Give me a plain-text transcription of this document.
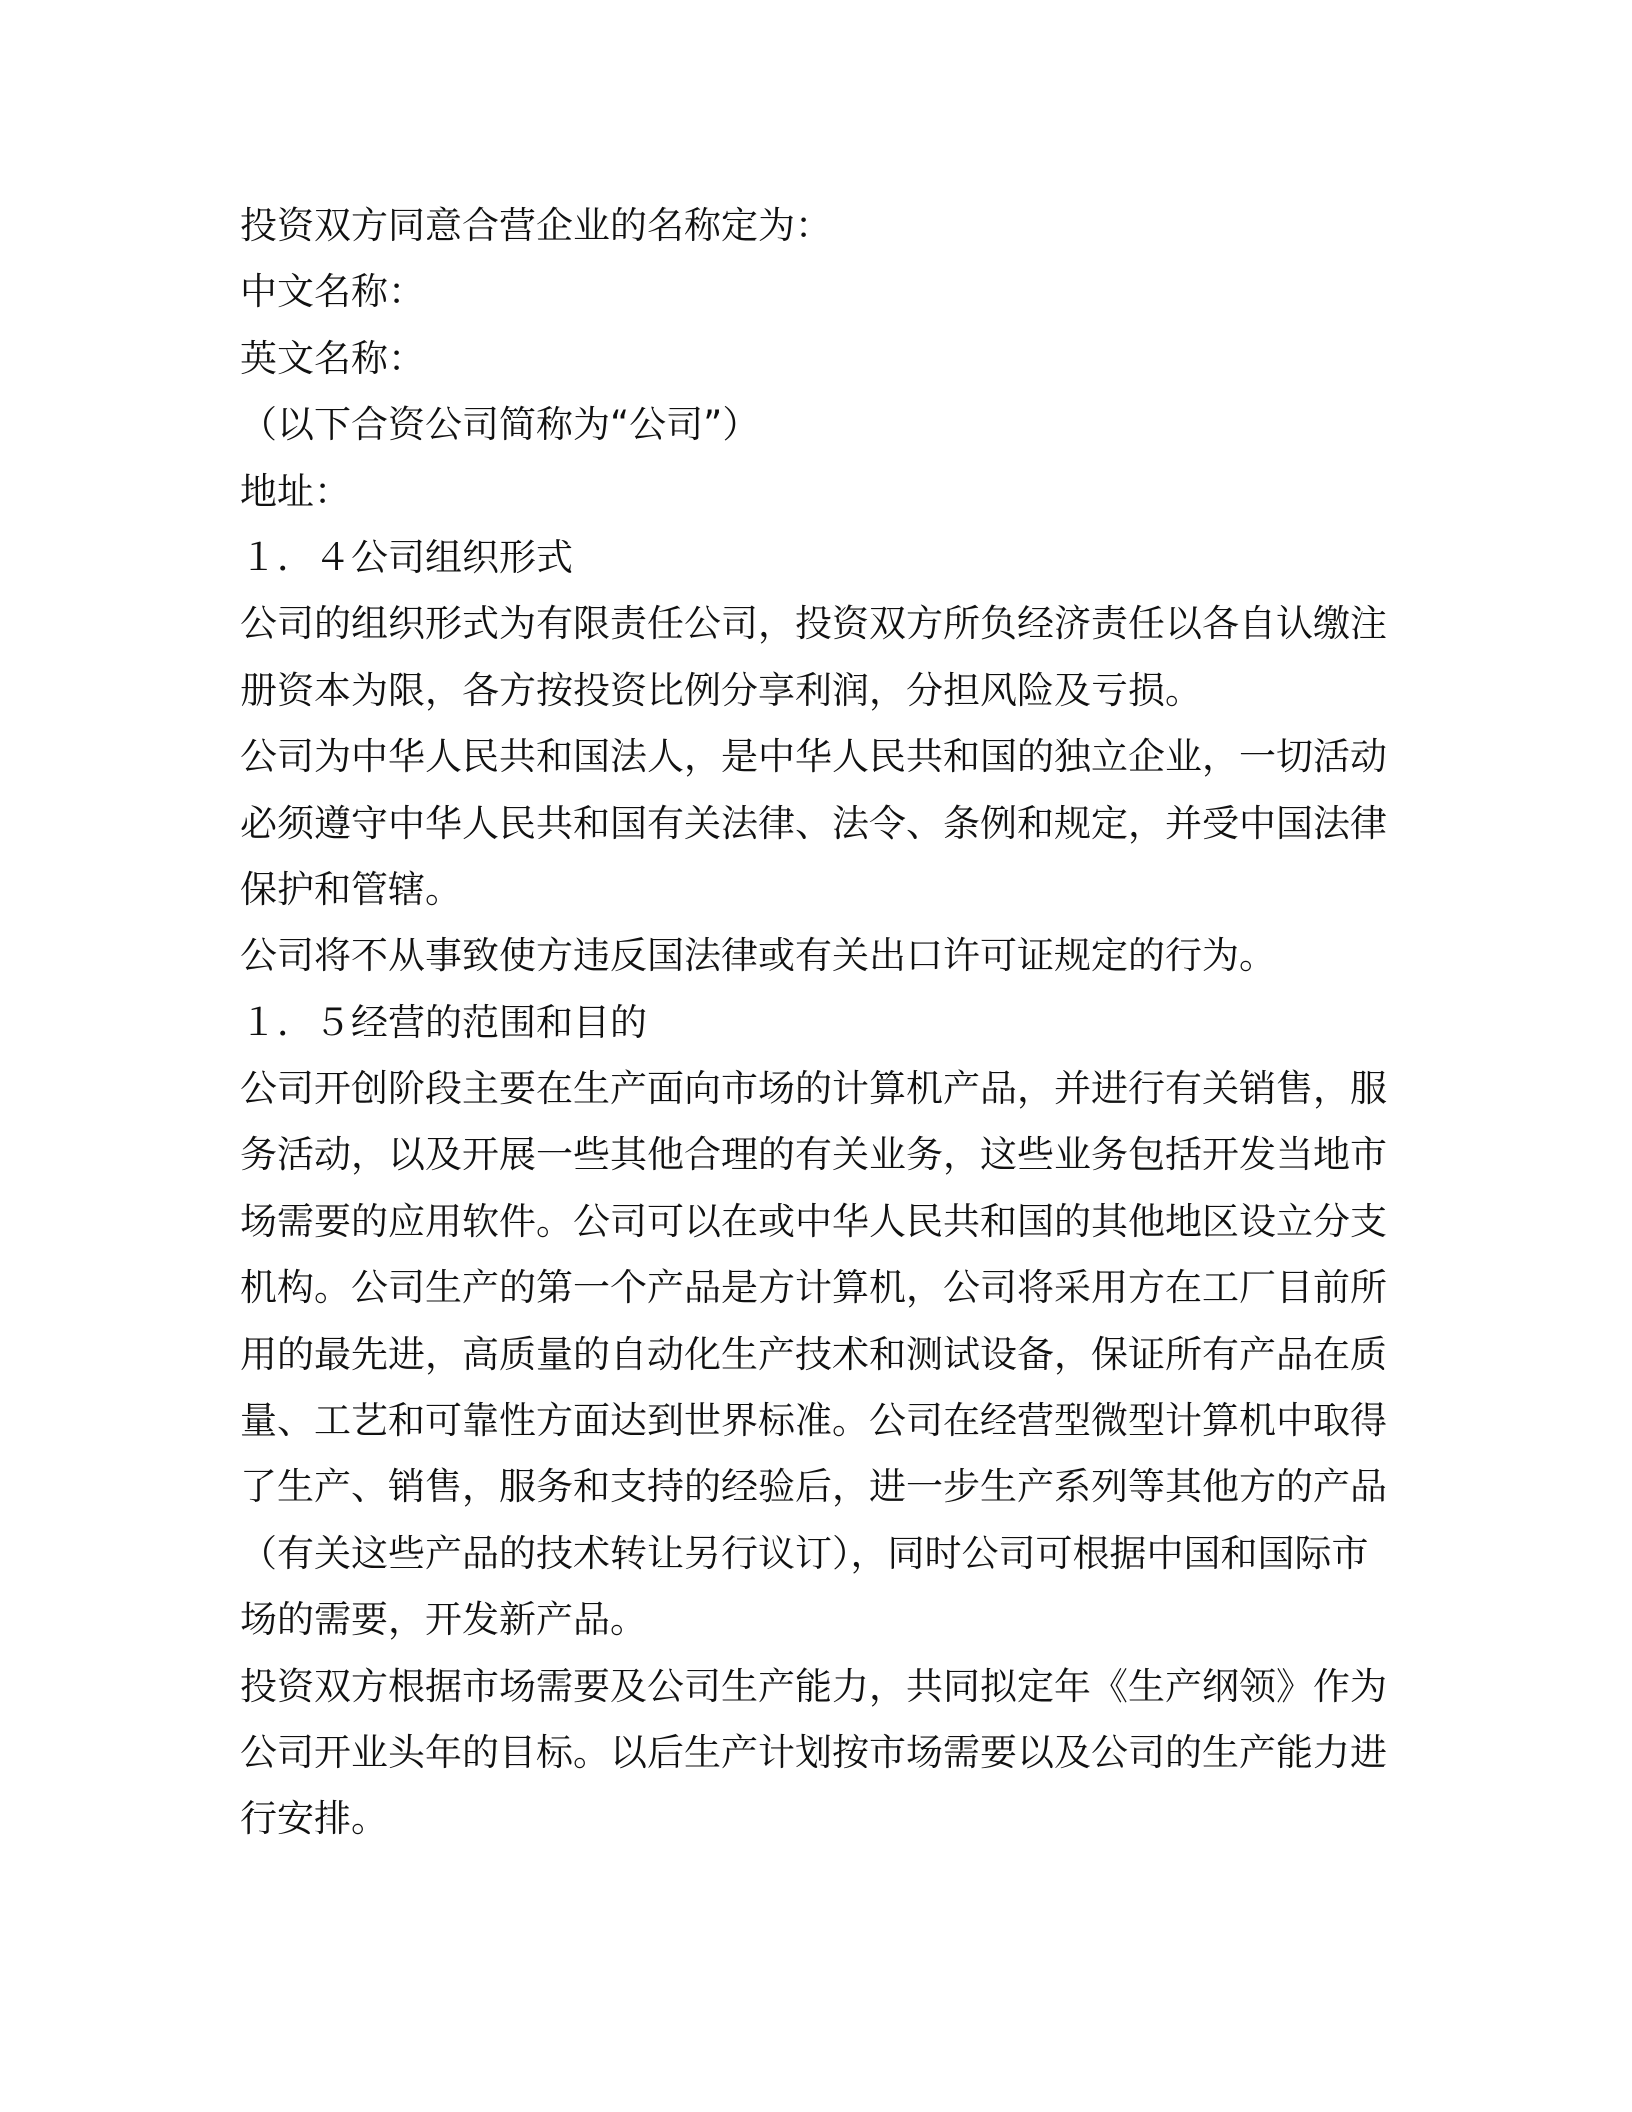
投资双方同意合营企业的名称定为：
中文名称：
英文名称：
（以下合资公司简称为“公司”）
地址：
１．４公司组织形式
公司的组织形式为有限责任公司，投资双方所负经济责任以各自认缴注
册资本为限，各方按投资比例分享利润，分担风险及亏损。
公司为中华人民共和国法人，是中华人民共和国的独立企业，一切活动
必须遵守中华人民共和国有关法律、法令、条例和规定，并受中国法律
保护和管辖。
公司将不从事致使方违反国法律或有关出口许可证规定的行为。
１．５经营的范围和目的
公司开创阶段主要在生产面向市场的计算机产品，并进行有关销售，服
务活动，以及开展一些其他合理的有关业务，这些业务包括开发当地市
场需要的应用软件。公司可以在或中华人民共和国的其他地区设立分支
机构。公司生产的第一个产品是方计算机，公司将采用方在工厂目前所
用的最先进，高质量的自动化生产技术和测试设备，保证所有产品在质
量、工艺和可靠性方面达到世界标准。公司在经营型微型计算机中取得
了生产、销售，服务和支持的经验后，进一步生产系列等其他方的产品
（有关这些产品的技术转让另行议订），同时公司可根据中国和国际市
场的需要，开发新产品。
投资双方根据市场需要及公司生产能力，共同拟定年《生产纲领》作为
公司开业头年的目标。以后生产计划按市场需要以及公司的生产能力进
行安排。
